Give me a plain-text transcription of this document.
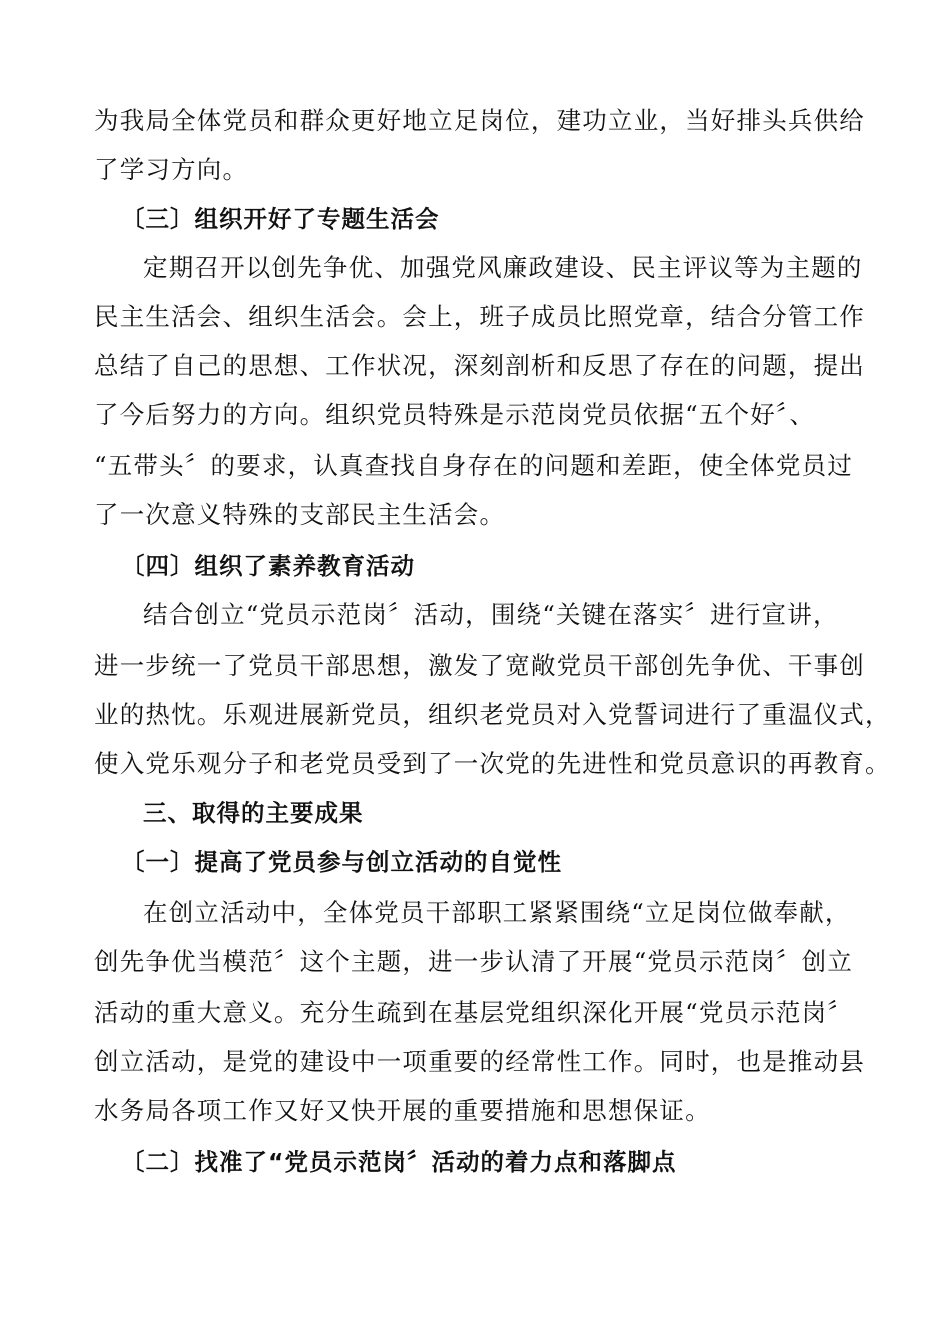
为我局全体党员和群众更好地立足岗位，建功立业，当好排头兵供给
了学习方向。
〔三〕组织开好了专题生活会
定期召开以创先争优、加强党风廉政建设、民主评议等为主题的
民主生活会、组织生活会。会上，班子成员比照党章，结合分管工作
总结了自己的思想、工作状况，深刻剖析和反思了存在的问题，提出
了今后努力的方向。组织党员特殊是示范岗党员依据“五个好〞、
“五带头〞的要求，认真查找自身存在的问题和差距，使全体党员过
了一次意义特殊的支部民主生活会。
〔四〕组织了素养教育活动
结合创立“党员示范岗〞活动，围绕“关键在落实〞进行宣讲，
进一步统一了党员干部思想，激发了宽敞党员干部创先争优、干事创
业的热忱。乐观进展新党员，组织老党员对入党誓词进行了重温仪式，
使入党乐观分子和老党员受到了一次党的先进性和党员意识的再教育。
三、取得的主要成果
〔一〕提高了党员参与创立活动的自觉性
在创立活动中，全体党员干部职工紧紧围绕“立足岗位做奉献，
创先争优当模范〞这个主题，进一步认清了开展“党员示范岗〞创立
活动的重大意义。充分生疏到在基层党组织深化开展“党员示范岗〞
创立活动，是党的建设中一项重要的经常性工作。同时，也是推动县
水务局各项工作又好又快开展的重要措施和思想保证。
〔二〕找准了“党员示范岗〞活动的着力点和落脚点
